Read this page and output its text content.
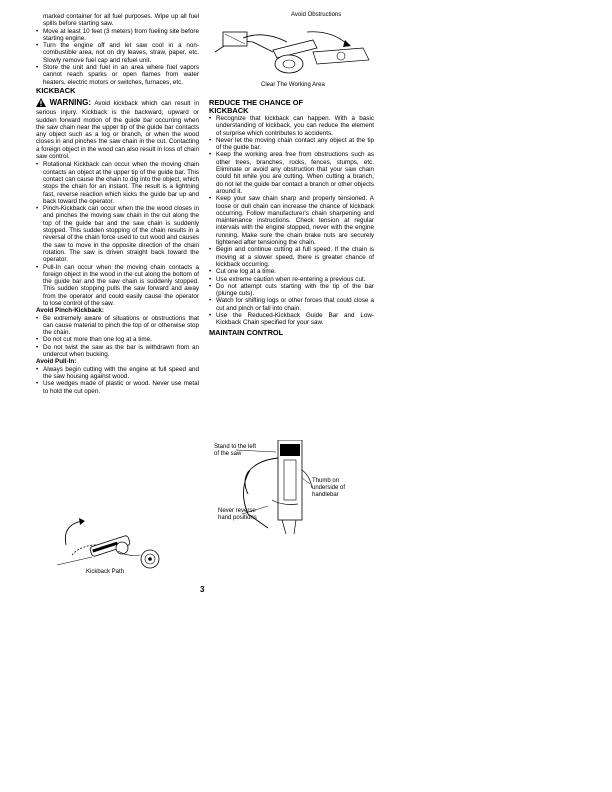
marked container for all fuel purposes. Wipe up all fuel spills before starting saw.

• Move at least 10 feet (3 meters) from fueling site before starting engine.

• Turn the engine off and let saw cool in a non-combustible area, not on dry leaves, straw, paper, etc. Slowly remove fuel cap and refuel unit.

• Store the unit and fuel in an area where fuel vapors cannot reach sparks or open flames from water heaters, electric motors or switches, furnaces, etc.

KICKBACK

WARNING: Avoid kickback which can result in serious injury. Kickback is the backward, upward or sudden forward motion of the guide bar occurring when the saw chain near the upper tip of the guide bar contacts any object such as a log or branch, or when the wood closes in and pinches the saw chain in the cut. Contacting a foreign object in the wood can also result in loss of chain saw control.

• Rotational Kickback can occur when the moving chain contacts an object at the upper tip of the guide bar. This contact can cause the chain to dig into the object, which stops the chain for an instant. The result is a lightning fast, reverse reaction which kicks the guide bar up and back toward the operator.

• Pinch-Kickback can occur when the the wood closes in and pinches the moving saw chain in the cut along the top of the guide bar and the saw chain is suddenly stopped. This sudden stopping of the chain results in a reversal of the chain force used to cut wood and causes the saw to move in the opposite direction of the chain rotation. The saw is driven straight back toward the operator.

• Pull-In can occur when the moving chain contacts a foreign object in the wood in the cut along the bottom of the guide bar and the saw chain is suddenly stopped. This sudden stopping pulls the saw forward and away from the operator and could easily cause the operator to lose control of the saw.

Avoid Pinch-Kickback:

• Be extremely aware of situations or obstructions that can cause material to pinch the top of or otherwise stop the chain.

• Do not cut more than one log at a time.

• Do not twist the saw as the bar is withdrawn from an undercut when bucking.

Avoid Pull-In:

• Always begin cutting with the engine at full speed and the saw housing against wood.

• Use wedges made of plastic or wood. Never use metal to hold the cut open.

Kickback Path
Avoid Obstructions
Clear The Working Area

REDUCE THE CHANCE OF
KICKBACK

• Recognize that kickback can happen. With a basic understanding of kickback, you can reduce the element of surprise which contributes to accidents.

• Never let the moving chain contact any object at the tip of the guide bar.

• Keep the working area free from obstructions such as other trees, branches, rocks, fences, stumps, etc. Eliminate or avoid any obstruction that your saw chain could hit while you are cutting. When cutting a branch, do not let the guide bar contact a branch or other objects around it.

• Keep your saw chain sharp and properly tensioned. A loose or dull chain can increase the chance of kickback occurring. Follow manufacturer's chain sharpening and maintenance instructions. Check tension at regular intervals with the engine stopped, never with the engine running. Make sure the chain brake nuts are securely tightened after tensioning the chain.

• Begin and continue cutting at full speed. If the chain is moving at a slower speed, there is greater chance of kickback occurring.

• Cut one log at a time.

• Use extreme caution when re-entering a previous cut.

• Do not attempt cuts starting with the tip of the bar (plunge cuts).

• Watch for shifting logs or other forces that could close a cut and pinch or fall into chain.

• Use the Reduced-Kickback Guide Bar and Low-Kickback Chain specified for your saw.

MAINTAIN CONTROL

Stand to the left
of the saw
Thumb on
underside of
handlebar
Never reverse
hand positions
3
